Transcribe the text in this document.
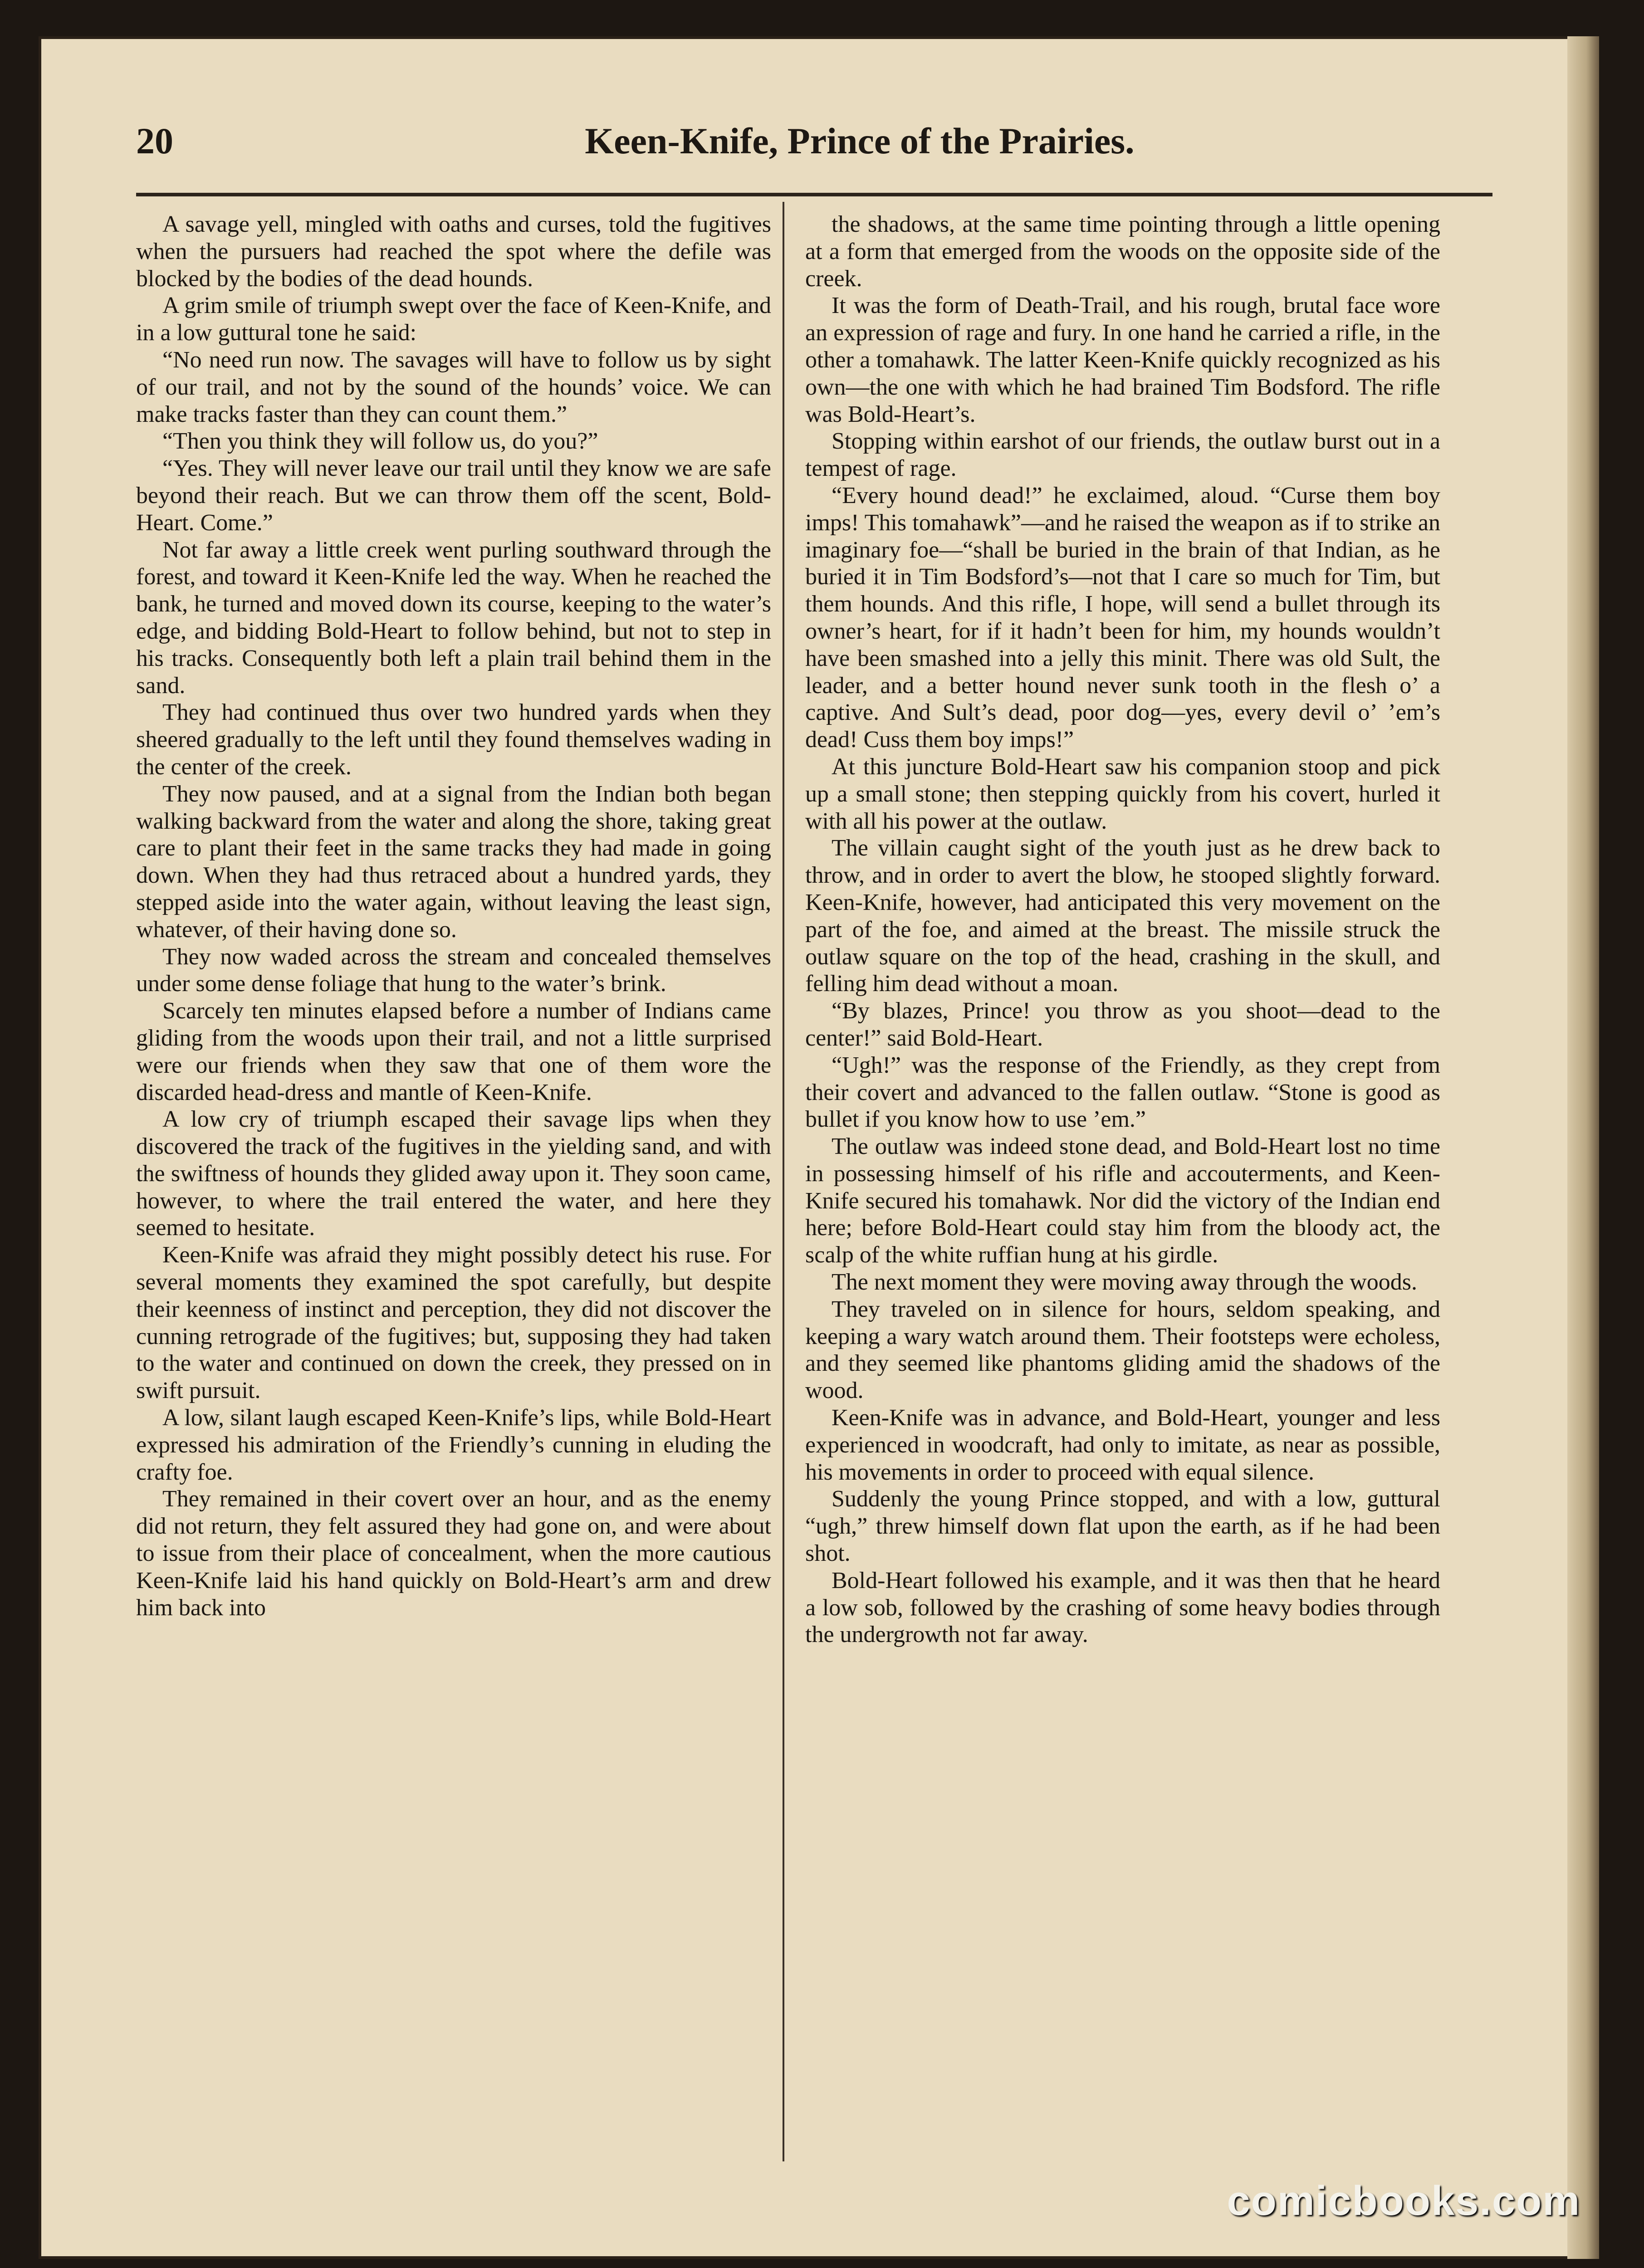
20	Keen-Knife, Prince of the Prairies.

A savage yell, mingled with oaths and curses, told the fugitives when the pursuers had reached the spot where the defile was blocked by the bodies of the dead hounds.

A grim smile of triumph swept over the face of Keen-Knife, and in a low guttural tone he said:

“No need run now. The savages will have to follow us by sight of our trail, and not by the sound of the hounds’ voice. We can make tracks faster than they can count them.”

“Then you think they will follow us, do you?”

“Yes. They will never leave our trail until they know we are safe beyond their reach. But we can throw them off the scent, Bold-Heart. Come.”

Not far away a little creek went purling southward through the forest, and toward it Keen-Knife led the way. When he reached the bank, he turned and moved down its course, keeping to the water’s edge, and bidding Bold-Heart to follow behind, but not to step in his tracks. Consequently both left a plain trail behind them in the sand.

They had continued thus over two hundred yards when they sheered gradually to the left until they found themselves wading in the center of the creek.

They now paused, and at a signal from the Indian both began walking backward from the water and along the shore, taking great care to plant their feet in the same tracks they had made in going down. When they had thus retraced about a hundred yards, they stepped aside into the water again, without leaving the least sign, whatever, of their having done so.

They now waded across the stream and concealed themselves under some dense foliage that hung to the water’s brink.

Scarcely ten minutes elapsed before a number of Indians came gliding from the woods upon their trail, and not a little surprised were our friends when they saw that one of them wore the discarded head-dress and mantle of Keen-Knife.

A low cry of triumph escaped their savage lips when they discovered the track of the fugitives in the yielding sand, and with the swiftness of hounds they glided away upon it. They soon came, however, to where the trail entered the water, and here they seemed to hesitate.

Keen-Knife was afraid they might possibly detect his ruse. For several moments they examined the spot carefully, but despite their keenness of instinct and perception, they did not discover the cunning retrograde of the fugitives; but, supposing they had taken to the water and continued on down the creek, they pressed on in swift pursuit.

A low, silant laugh escaped Keen-Knife’s lips, while Bold-Heart expressed his admiration of the Friendly’s cunning in eluding the crafty foe.

They remained in their covert over an hour, and as the enemy did not return, they felt assured they had gone on, and were about to issue from their place of concealment, when the more cautious Keen-Knife laid his hand quickly on Bold-Heart’s arm and drew him back into

the shadows, at the same time pointing through a little opening at a form that emerged from the woods on the opposite side of the creek.

It was the form of Death-Trail, and his rough, brutal face wore an expression of rage and fury. In one hand he carried a rifle, in the other a tomahawk. The latter Keen-Knife quickly recognized as his own—the one with which he had brained Tim Bodsford. The rifle was Bold-Heart’s.

Stopping within earshot of our friends, the outlaw burst out in a tempest of rage.

“Every hound dead!” he exclaimed, aloud. “Curse them boy imps! This tomahawk”—and he raised the weapon as if to strike an imaginary foe—“shall be buried in the brain of that Indian, as he buried it in Tim Bodsford’s—not that I care so much for Tim, but them hounds. And this rifle, I hope, will send a bullet through its owner’s heart, for if it hadn’t been for him, my hounds wouldn’t have been smashed into a jelly this minit. There was old Sult, the leader, and a better hound never sunk tooth in the flesh o’ a captive. And Sult’s dead, poor dog—yes, every devil o’ ’em’s dead! Cuss them boy imps!”

At this juncture Bold-Heart saw his companion stoop and pick up a small stone; then stepping quickly from his covert, hurled it with all his power at the outlaw.

The villain caught sight of the youth just as he drew back to throw, and in order to avert the blow, he stooped slightly forward. Keen-Knife, however, had anticipated this very movement on the part of the foe, and aimed at the breast. The missile struck the outlaw square on the top of the head, crashing in the skull, and felling him dead without a moan.

“By blazes, Prince! you throw as you shoot—dead to the center!” said Bold-Heart.

“Ugh!” was the response of the Friendly, as they crept from their covert and advanced to the fallen outlaw. “Stone is good as bullet if you know how to use ’em.”

The outlaw was indeed stone dead, and Bold-Heart lost no time in possessing himself of his rifle and accouterments, and Keen-Knife secured his tomahawk. Nor did the victory of the Indian end here; before Bold-Heart could stay him from the bloody act, the scalp of the white ruffian hung at his girdle.

The next moment they were moving away through the woods.

They traveled on in silence for hours, seldom speaking, and keeping a wary watch around them. Their footsteps were echoless, and they seemed like phantoms gliding amid the shadows of the wood.

Keen-Knife was in advance, and Bold-Heart, younger and less experienced in woodcraft, had only to imitate, as near as possible, his movements in order to proceed with equal silence.

Suddenly the young Prince stopped, and with a low, guttural “ugh,” threw himself down flat upon the earth, as if he had been shot.

Bold-Heart followed his example, and it was then that he heard a low sob, followed by the crashing of some heavy bodies through the undergrowth not far away.

comicbooks.com
